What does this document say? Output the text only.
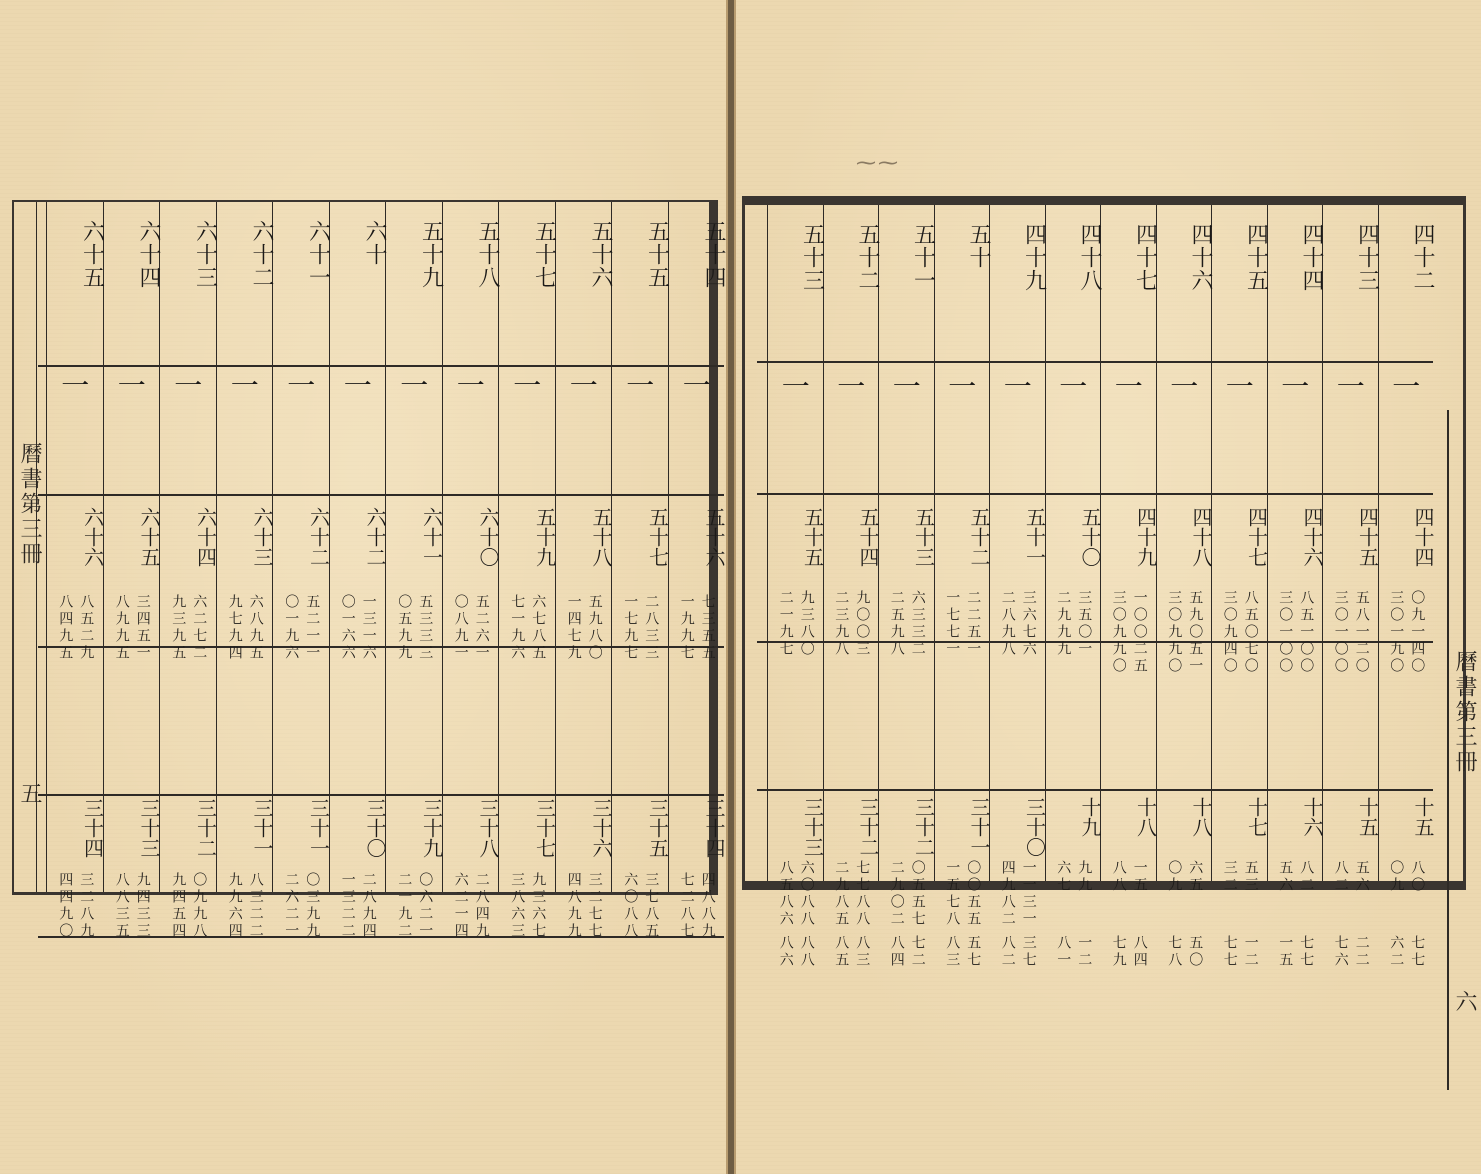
曆書第三冊
五
五十四
一
五十六
七三五五
一九九七
三十四
四八八九
七二八七
五十五
一
五十七
二八三三
一七九七
三十五
三七八五
六〇八八
五十六
一
五十八
五九八〇
一四七九
三十六
三二七七
四八九九
五十七
一
五十九
六七八五
七一九六
三十七
九三六七
三八六三
五十八
一
六十〇
五二六一
〇八九一
三十八
二八四九
六二一四
五十九
一
六十一
五三三三
〇五九九
三十九
〇六二一
二一九二
六十
一
六十二
一三一六
〇一六六
三十〇
二八九四
一三二二
六十一
一
六十二
五二一一
〇一九六
三十一
〇三九九
二六二一
六十二
一
六十三
六八九五
九七九四
三十一
八三二二
九九六四
六十三
一
六十四
六二七二
九三九五
三十二
〇九九八
九四五四
六十四
一
六十五
三四五一
八九九五
三十三
九四三三
八八三五
六十五
一
六十六
八五二九
八四九五
三十四
三二八九
四四九〇
⁓⁓
四十二
一
四十四
〇九一四〇
三〇一九〇
十五
八〇
〇九
七七
六二
四十三
一
四十五
五八一二〇
三〇一〇〇
十五
五六
八二
二二
七六
四十四
一
四十六
八五一〇〇
三〇一〇〇
十六
八二
五六
七七
一五
四十五
一
四十七
八五〇七〇
三〇九四〇
十七
五三
三二
一二
七七
四十六
一
四十八
五九〇五一
三〇九九〇
十八
六五
〇九
五〇
七八
四十七
一
四十九
一〇〇二五
三〇九九〇
十八
一五
八八
八四
七九
四十八
一
五十〇
三五〇一
二九九九
十九
九九
六七
一二
八一
四十九
一
五十一
三六七六
二八九八
三十〇
一一三一
四九八二
三七
八二
五十
一
五十二
二二五一
一七七一
三十一
〇〇五五
一五七八
五七
八三
五十一
一
五十三
六三三二
二五九八
三十二
〇五五七
二九〇二
七二
八四
五十二
一
五十四
九〇〇三
二三九八
三十二
七七八八
二九八五
八三
八五
五十三
一
五十五
九三八〇
二一九七
三十三
六〇八八
八五八六
八八
八六
曆書第三冊
六
